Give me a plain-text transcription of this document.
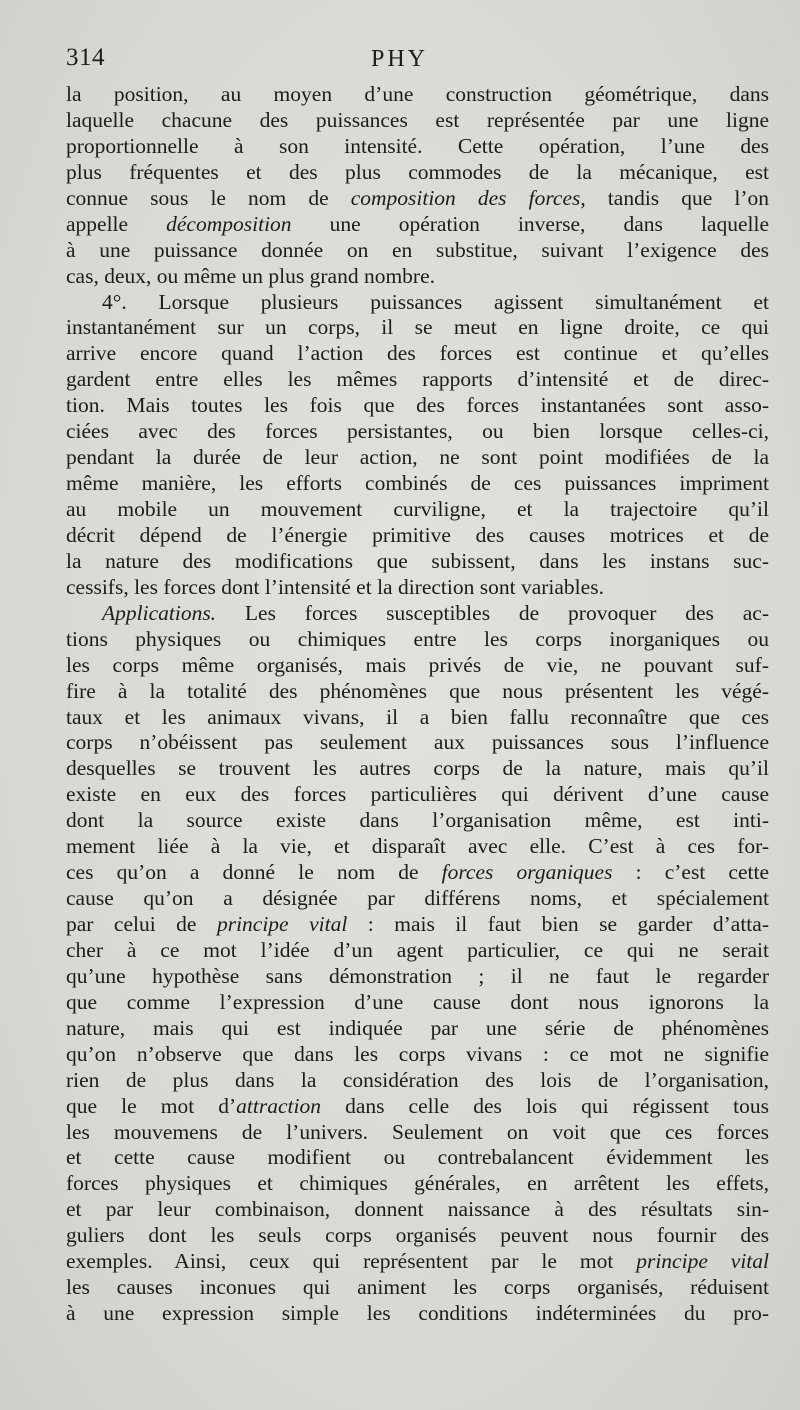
314	PHY
la position, au moyen d’une construction géométrique, dans
laquelle chacune des puissances est représentée par une ligne
proportionnelle à son intensité. Cette opération, l’une des
plus fréquentes et des plus commodes de la mécanique, est
connue sous le nom de composition des forces, tandis que l’on
appelle décomposition une opération inverse, dans laquelle
à une puissance donnée on en substitue, suivant l’exigence des
cas, deux, ou même un plus grand nombre.
4°. Lorsque plusieurs puissances agissent simultanément et
instantanément sur un corps, il se meut en ligne droite, ce qui
arrive encore quand l’action des forces est continue et qu’elles
gardent entre elles les mêmes rapports d’intensité et de direc-
tion. Mais toutes les fois que des forces instantanées sont asso-
ciées avec des forces persistantes, ou bien lorsque celles-ci,
pendant la durée de leur action, ne sont point modifiées de la
même manière, les efforts combinés de ces puissances impriment
au mobile un mouvement curviligne, et la trajectoire qu’il
décrit dépend de l’énergie primitive des causes motrices et de
la nature des modifications que subissent, dans les instans suc-
cessifs, les forces dont l’intensité et la direction sont variables.
Applications. Les forces susceptibles de provoquer des ac-
tions physiques ou chimiques entre les corps inorganiques ou
les corps même organisés, mais privés de vie, ne pouvant suf-
fire à la totalité des phénomènes que nous présentent les végé-
taux et les animaux vivans, il a bien fallu reconnaître que ces
corps n’obéissent pas seulement aux puissances sous l’influence
desquelles se trouvent les autres corps de la nature, mais qu’il
existe en eux des forces particulières qui dérivent d’une cause
dont la source existe dans l’organisation même, est inti-
mement liée à la vie, et disparaît avec elle. C’est à ces for-
ces qu’on a donné le nom de forces organiques : c’est cette
cause qu’on a désignée par différens noms, et spécialement
par celui de principe vital : mais il faut bien se garder d’atta-
cher à ce mot l’idée d’un agent particulier, ce qui ne serait
qu’une hypothèse sans démonstration ; il ne faut le regarder
que comme l’expression d’une cause dont nous ignorons la
nature, mais qui est indiquée par une série de phénomènes
qu’on n’observe que dans les corps vivans : ce mot ne signifie
rien de plus dans la considération des lois de l’organisation,
que le mot d’attraction dans celle des lois qui régissent tous
les mouvemens de l’univers. Seulement on voit que ces forces
et cette cause modifient ou contrebalancent évidemment les
forces physiques et chimiques générales, en arrêtent les effets,
et par leur combinaison, donnent naissance à des résultats sin-
guliers dont les seuls corps organisés peuvent nous fournir des
exemples. Ainsi, ceux qui représentent par le mot principe vital
les causes inconues qui animent les corps organisés, réduisent
à une expression simple les conditions indéterminées du pro-
